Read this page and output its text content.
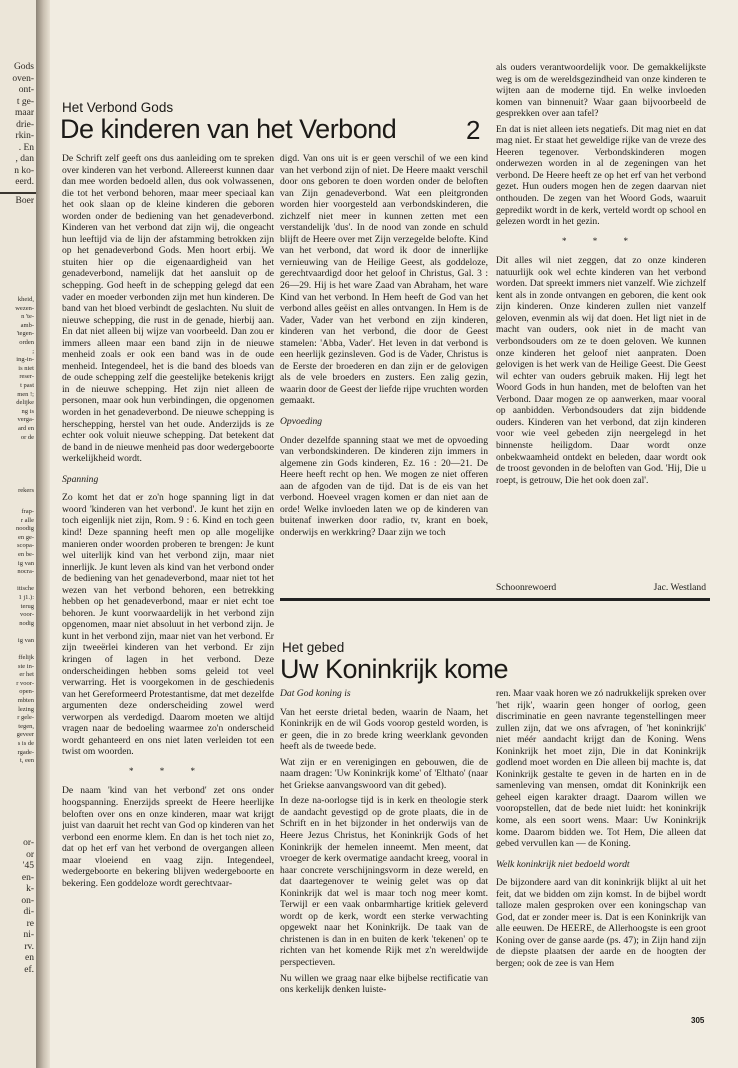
Gods
oven-
ont-
t ge-
maar
drie-
rkin-
. En
, dan
n ko-
eerd.
Boer
kheid,
wezen-
n 'te-
amb-
'tegen-
orden
;
ing-in-
is niet
reser-
t past
men !;
delijke
ng is
verga-
ard en
or de
rekers
frap-
r alle
noodig
en ge-
scopa-
en be-
ig van
nocra-

itische
1 j1.):
terug
voor-
nodig

ig van

ffelijk
ste in-
er het
r voor-
open-
mbten
lezing
r gele-
tegen,
geveer
s is de
rgade-
t, een
or-
or
'45
en-
k-
on-
di-
re
ni-
rv.
en
ef.
Het Verbond Gods
De kinderen van het Verbond	2

De Schrift zelf geeft ons dus aanleiding om te spreken over kinderen van het verbond. Allereerst kunnen daar dan mee worden bedoeld allen, dus ook volwassenen, die tot het verbond behoren, maar meer speciaal kan het ook slaan op de kleine kinderen die geboren worden onder de bediening van het genadeverbond. Kinderen van het verbond dat zijn wij, die ongeacht hun leeftijd via de lijn der afstamming betrokken zijn op het genadeverbond Gods. Men hoort erbij. We stuiten hier op die eigenaardigheid van het genadeverbond, namelijk dat het aansluit op de schepping. God heeft in de schepping gelegd dat een vader en moeder verbonden zijn met hun kinderen. De band van het bloed verbindt de geslachten. Nu sluit de nieuwe schepping, die rust in de genade, hierbij aan. En dat niet alleen bij wijze van voorbeeld. Dan zou er immers alleen maar een band zijn in de nieuwe menheid zoals er ook een band was in de oude menheid. Integendeel, het is die band des bloeds van de oude schepping zelf die geestelijke betekenis krijgt in de nieuwe schepping. Het zijn niet alleen de personen, maar ook hun verbindingen, die opgenomen worden in het genadeverbond. De nieuwe schepping is herschepping, herstel van het oude. Anderzijds is ze echter ook voluit nieuwe schepping. Dat betekent dat de band in de nieuwe menheid pas door wedergeboorte werkelijkheid wordt.

Spanning

Zo komt het dat er zo'n hoge spanning ligt in dat woord 'kinderen van het verbond'. Je kunt het zijn en toch eigenlijk niet zijn, Rom. 9 : 6. Kind en toch geen kind! Deze spanning heeft men op alle mogelijke manieren onder woorden proberen te brengen: Je kunt wel uiterlijk kind van het verbond zijn, maar niet innerlijk. Je kunt leven als kind van het verbond onder de bediening van het genadeverbond, maar niet tot het wezen van het verbond behoren, een betrekking hebben op het genadeverbond, maar er niet echt toe behoren. Je kunt voorwaardelijk in het verbond zijn opgenomen, maar niet absoluut in het verbond zijn. Je kunt in het verbond zijn, maar niet van het verbond. Er zijn tweeërlei kinderen van het verbond. Er zijn kringen of lagen in het verbond. Deze onderscheidingen hebben soms geleid tot veel verwarring. Het is voorgekomen in de geschiedenis van het Gereformeerd Protestantisme, dat met dezelfde argumenten deze onderscheiding zowel werd verworpen als verdedigd. Daarom moeten we altijd vragen naar de bedoeling waarmee zo'n onderscheid wordt gehanteerd en ons niet laten verleiden tot een twist om woorden.

* * *

De naam 'kind van het verbond' zet ons onder hoogspanning. Enerzijds spreekt de Heere heerlijke beloften over ons en onze kinderen, maar wat krijgt juist van daaruit het recht van God op kinderen van het verbond een enorme klem. En dan is het toch niet zo, dat op het erf van het verbond de overgangen alleen maar vloeiend en vaag zijn. Integendeel, wedergeboorte en bekering blijven wedergeboorte en bekering. Een goddeloze wordt gerechtvaar-

digd. Van ons uit is er geen verschil of we een kind van het verbond zijn of niet. De Heere maakt verschil door ons geboren te doen worden onder de beloften van Zijn genadeverbond. Wat een pleitgronden worden hier voorgesteld aan verbondskinderen, die zichzelf niet meer in kunnen zetten met een verstandelijk 'dus'. In de nood van zonde en schuld blijft de Heere over met Zijn verzegelde belofte. Kind van het verbond, dat word ik door de innerlijke vernieuwing van de Heilige Geest, als goddeloze, gerechtvaardigd door het geloof in Christus, Gal. 3 : 26—29. Hij is het ware Zaad van Abraham, het ware Kind van het verbond. In Hem heeft de God van het verbond alles geëist en alles ontvangen. In Hem is de Vader, Vader van het verbond en zijn kinderen, kinderen van het verbond, die door de Geest stamelen: 'Abba, Vader'. Het leven in dat verbond is een heerlijk gezinsleven. God is de Vader, Christus is de Eerste der broederen en dan zijn er de gelovigen als de vele broeders en zusters. Een zalig gezin, waarin door de Geest der liefde rijpe vruchten worden gemaakt.

Opvoeding

Onder dezelfde spanning staat we met de opvoeding van verbondskinderen. De kinderen zijn immers in algemene zin Gods kinderen, Ez. 16 : 20—21. De Heere heeft recht op hen. We mogen ze niet offeren aan de afgoden van de tijd. Dat is de eis van het verbond. Hoeveel vragen komen er dan niet aan de orde! Welke invloeden laten we op de kinderen van buitenaf inwerken door radio, tv, krant en boek, onderwijs en werkkring? Daar zijn we toch

als ouders verantwoordelijk voor. De gemakkelijkste weg is om de wereldsgezindheid van onze kinderen te wijten aan de moderne tijd. En welke invloeden komen van binnenuit? Waar gaan bijvoorbeeld de gesprekken over aan tafel?

En dat is niet alleen iets negatiefs. Dit mag niet en dat mag niet. Er staat het geweldige rijke van de vreze des Heeren tegenover. Verbondskinderen mogen onderwezen worden in al de zegeningen van het verbond. De Heere heeft ze op het erf van het verbond gezet. Hun ouders mogen hen de zegen daarvan niet onthouden. De zegen van het Woord Gods, waaruit gepredikt wordt in de kerk, verteld wordt op school en gelezen wordt in het gezin.

* * *

Dit alles wil niet zeggen, dat zo onze kinderen natuurlijk ook wel echte kinderen van het verbond worden. Dat spreekt immers niet vanzelf. Wie zichzelf kent als in zonde ontvangen en geboren, die kent ook zijn kinderen. Onze kinderen zullen niet vanzelf geloven, evenmin als wij dat doen. Het ligt niet in de macht van ouders, ook niet in de macht van verbondsouders om ze te doen geloven. We kunnen onze kinderen het geloof niet aanpraten. Doen gelovigen is het werk van de Heilige Geest. Die Geest wil echter van ouders gebruik maken. Hij legt het Woord Gods in hun handen, met de beloften van het Verbond. Daar mogen ze op aanwerken, maar vooral op aanbidden. Verbondsouders dat zijn biddende ouders. Kinderen van het verbond, dat zijn kinderen voor wie veel gebeden zijn neergelegd in het binnenste heiligdom. Daar wordt onze onbekwaamheid ontdekt en beleden, daar wordt ook de troost gevonden in de beloften van God. 'Hij, Die u roept, is getrouw, Die het ook doen zal'.

Schoonrewoerd	Jac. Westland
Het gebed
Uw Koninkrijk kome
Dat God koning is

Van het eerste drietal beden, waarin de Naam, het Koninkrijk en de wil Gods voorop gesteld worden, is er geen, die in zo brede kring weerklank gevonden heeft als de tweede bede.

Wat zijn er en verenigingen en gebouwen, die de naam dragen: 'Uw Koninkrijk kome' of 'Elthato' (naar het Griekse aanvangswoord van dit gebed).

In deze na-oorlogse tijd is in kerk en theologie sterk de aandacht gevestigd op de grote plaats, die in de Schrift en in het bijzonder in het onderwijs van de Heere Jezus Christus, het Koninkrijk Gods of het Koninkrijk der hemelen inneemt. Men meent, dat vroeger de kerk overmatige aandacht kreeg, vooral in haar concrete verschijningsvorm in deze wereld, en dat daartegenover te weinig gelet was op dat Koninkrijk dat wel is maar toch nog meer komt. Terwijl er een vaak onbarmhartige kritiek geleverd wordt op de kerk, wordt een sterke verwachting opgewekt naar het Koninkrijk. De taak van de christenen is dan in en buiten de kerk 'tekenen' op te richten van het komende Rijk met z'n wereldwijde perspectieven.

Nu willen we graag naar elke bijbelse rectificatie van ons kerkelijk denken luiste-

ren. Maar vaak horen we zó nadrukkelijk spreken over 'het rijk', waarin geen honger of oorlog, geen discriminatie en geen navrante tegenstellingen meer zullen zijn, dat we ons afvragen, of 'het koninkrijk' niet méér aandacht krijgt dan de Koning. Wens Koninkrijk het moet zijn, Die in dat Koninkrijk godlend moet worden en Die alleen bij machte is, dat Koninkrijk gestalte te geven in de harten en in de samenleving van mensen, omdat dit Koninkrijk een geheel eigen karakter draagt. Daarom willen we vooropstellen, dat de bede niet luidt: het koninkrijk kome, als een soort wens. Maar: Uw Koninkrijk kome. Daarom bidden we. Tot Hem, Die alleen dat gebed vervullen kan — de Koning.

Welk koninkrijk niet bedoeld wordt

De bijzondere aard van dit koninkrijk blijkt al uit het feit, dat we bidden om zijn komst. In de bijbel wordt talloze malen gesproken over een koningschap van God, dat er zonder meer is. Dat is een Koninkrijk van alle eeuwen. De HEERE, de Allerhoogste is een groot Koning over de ganse aarde (ps. 47); in Zijn hand zijn de diepste plaatsen der aarde en de hoogten der bergen; ook de zee is van Hem

305
